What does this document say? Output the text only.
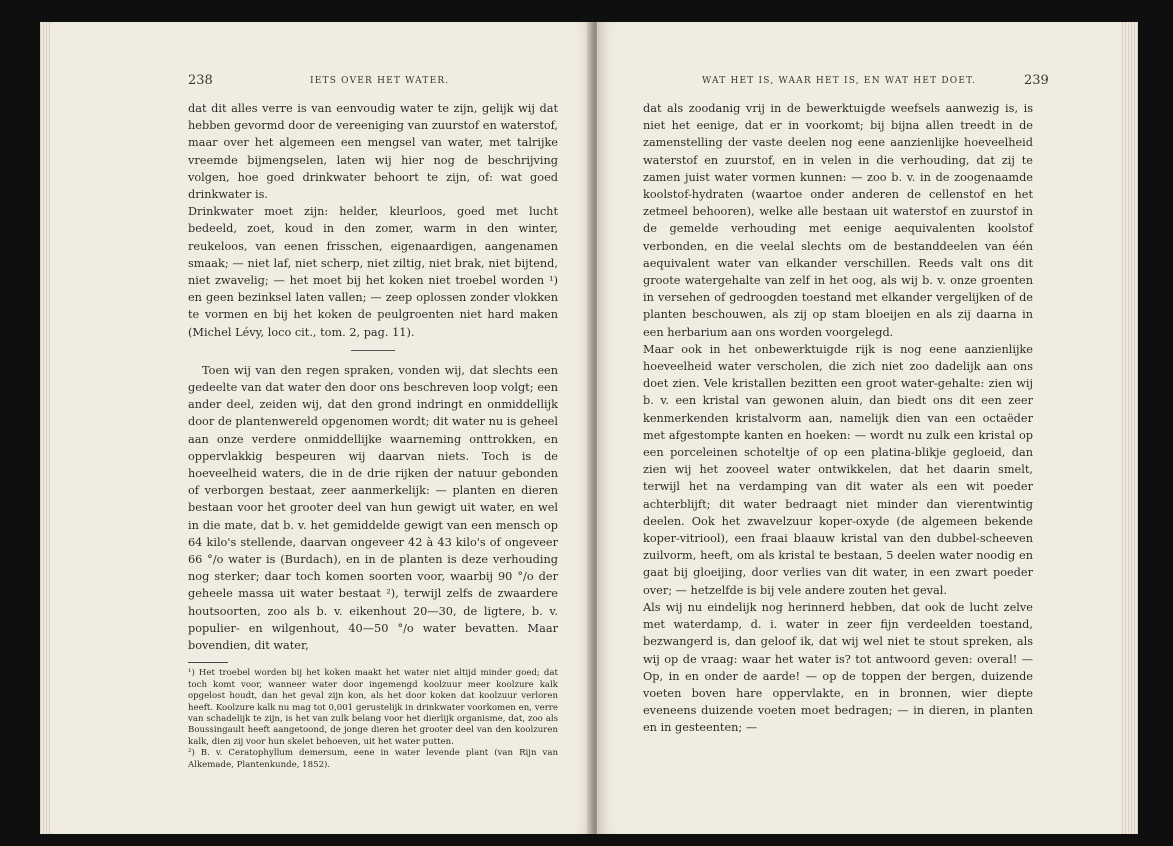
238	IETS OVER HET WATER.

dat dit alles verre is van eenvoudig water te zijn, gelijk wij dat hebben gevormd door de vereeniging van zuurstof en waterstof, maar over het algemeen een mengsel van water, met talrijke vreemde bijmengselen, laten wij hier nog de beschrijving volgen, hoe goed drinkwater behoort te zijn, of: wat goed drinkwater is.

Drinkwater moet zijn: helder, kleurloos, goed met lucht bedeeld, zoet, koud in den zomer, warm in den winter, reukeloos, van eenen frisschen, eigenaardigen, aangenamen smaak; — niet laf, niet scherp, niet ziltig, niet brak, niet bijtend, niet zwavelig; — het moet bij het koken niet troebel worden ¹) en geen bezinksel laten vallen; — zeep oplossen zonder vlokken te vormen en bij het koken de peulgroenten niet hard maken (Michel Lévy, loco cit., tom. 2, pag. 11).

Toen wij van den regen spraken, vonden wij, dat slechts een gedeelte van dat water den door ons beschreven loop volgt; een ander deel, zeiden wij, dat den grond indringt en onmiddellijk door de plantenwereld opgenomen wordt; dit water nu is geheel aan onze verdere onmiddellijke waarneming onttrokken, en oppervlakkig bespeuren wij daarvan niets. Toch is de hoeveelheid waters, die in de drie rijken der natuur gebonden of verborgen bestaat, zeer aanmerkelijk: — planten en dieren bestaan voor het grooter deel van hun gewigt uit water, en wel in die mate, dat b. v. het gemiddelde gewigt van een mensch op 64 kilo's stellende, daarvan ongeveer 42 à 43 kilo's of ongeveer 66 °/o water is (Burdach), en in de planten is deze verhouding nog sterker; daar toch komen soorten voor, waarbij 90 °/o der geheele massa uit water bestaat ²), terwijl zelfs de zwaardere houtsoorten, zoo als b. v. eikenhout 20—30, de ligtere, b. v. populier- en wilgenhout, 40—50 °/o water bevatten. Maar bovendien, dit water,

¹) Het troebel worden bij het koken maakt het water niet altijd minder goed; dat toch komt voor, wanneer water door ingemengd koolzuur meer koolzure kalk opgelost houdt, dan het geval zijn kon, als het door koken dat koolzuur verloren heeft. Koolzure kalk nu mag tot 0,001 gerustelijk in drinkwater voorkomen en, verre van schadelijk te zijn, is het van zulk belang voor het dierlijk organisme, dat, zoo als Boussingault heeft aangetoond, de jonge dieren het grooter deel van den koolzuren kalk, dien zij voor hun skelet behoeven, uit het water putten.

²) B. v. Ceratophyllum demersum, eene in water levende plant (van Rijn van Alkemade, Plantenkunde, 1852).

WAT HET IS, WAAR HET IS, EN WAT HET DOET.	239

dat als zoodanig vrij in de bewerktuigde weefsels aanwezig is, is niet het eenige, dat er in voorkomt; bij bijna allen treedt in de zamenstelling der vaste deelen nog eene aanzienlijke hoeveelheid waterstof en zuurstof, en in velen in die verhouding, dat zij te zamen juist water vormen kunnen: — zoo b. v. in de zoogenaamde koolstof-hydraten (waartoe onder anderen de cellenstof en het zetmeel behooren), welke alle bestaan uit waterstof en zuurstof in de gemelde verhouding met eenige aequivalenten koolstof verbonden, en die veelal slechts om de bestanddeelen van één aequivalent water van elkander verschillen. Reeds valt ons dit groote watergehalte van zelf in het oog, als wij b. v. onze groenten in versehen of gedroogden toestand met elkander vergelijken of de planten beschouwen, als zij op stam bloeijen en als zij daarna in een herbarium aan ons worden voorgelegd.

Maar ook in het onbewerktuigde rijk is nog eene aanzienlijke hoeveelheid water verscholen, die zich niet zoo dadelijk aan ons doet zien. Vele kristallen bezitten een groot water-gehalte: zien wij b. v. een kristal van gewonen aluin, dan biedt ons dit een zeer kenmerkenden kristalvorm aan, namelijk dien van een octaëder met afgestompte kanten en hoeken: — wordt nu zulk een kristal op een porceleinen schoteltje of op een platina-blikje gegloeid, dan zien wij het zooveel water ontwikkelen, dat het daarin smelt, terwijl het na verdamping van dit water als een wit poeder achterblijft; dit water bedraagt niet minder dan vierentwintig deelen. Ook het zwavelzuur koper-oxyde (de algemeen bekende koper-vitriool), een fraai blaauw kristal van den dubbel-scheeven zuilvorm, heeft, om als kristal te bestaan, 5 deelen water noodig en gaat bij gloeijing, door verlies van dit water, in een zwart poeder over; — hetzelfde is bij vele andere zouten het geval.

Als wij nu eindelijk nog herinnerd hebben, dat ook de lucht zelve met waterdamp, d. i. water in zeer fijn verdeelden toestand, bezwangerd is, dan geloof ik, dat wij wel niet te stout spreken, als wij op de vraag: waar het water is? tot antwoord geven: overal! — Op, in en onder de aarde! — op de toppen der bergen, duizende voeten boven hare oppervlakte, en in bronnen, wier diepte eveneens duizende voeten moet bedragen; — in dieren, in planten en in gesteenten; —
